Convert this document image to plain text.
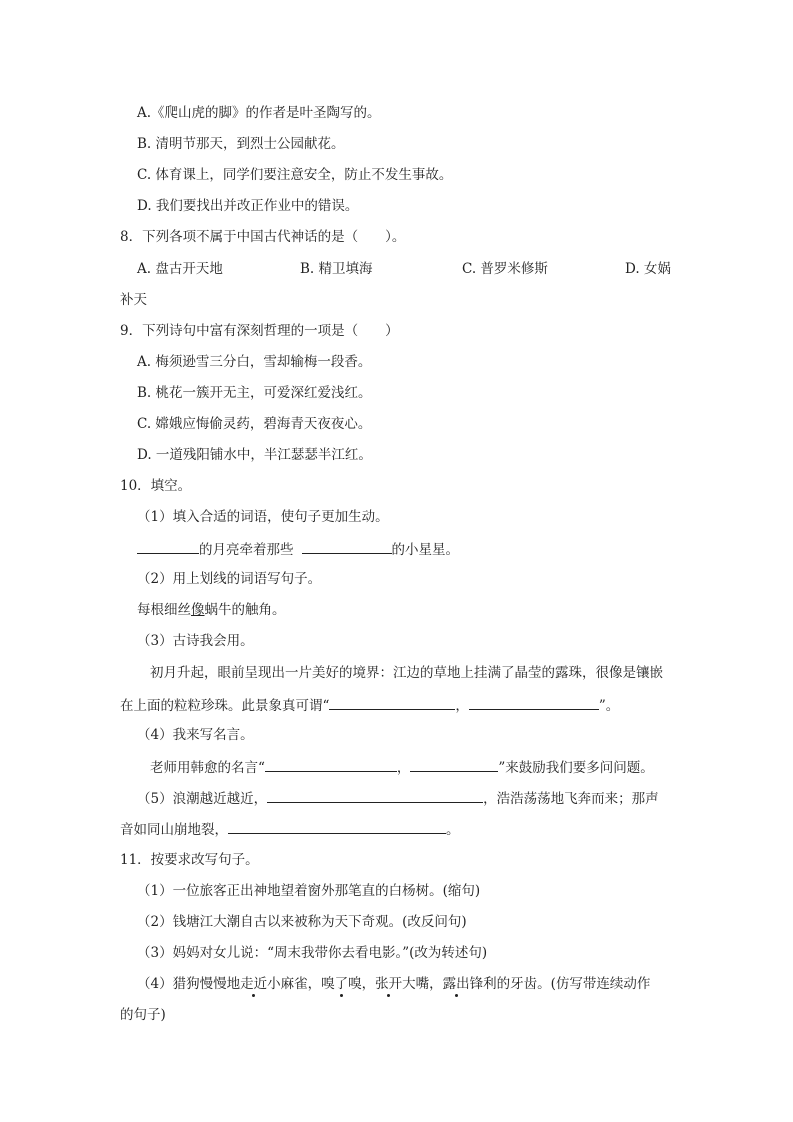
A.《爬山虎的脚》的作者是叶圣陶写的。
B. 清明节那天，到烈士公园献花。
C. 体育课上，同学们要注意安全，防止不发生事故。
D. 我们要找出并改正作业中的错误。
8．下列各项不属于中国古代神话的是（　　）。
A. 盘古开天地	B. 精卫填海	C. 普罗米修斯	D. 女娲
补天
9．下列诗句中富有深刻哲理的一项是（　　）
A. 梅须逊雪三分白，雪却输梅一段香。
B. 桃花一簇开无主，可爱深红爱浅红。
C. 嫦娥应悔偷灵药，碧海青天夜夜心。
D. 一道残阳铺水中，半江瑟瑟半江红。
10．填空。
（1）填入合适的词语，使句子更加生动。
的月亮牵着那些	的小星星。
（2）用上划线的词语写句子。
每根细丝像蜗牛的触角。
（3）古诗我会用。
初月升起，眼前呈现出一片美好的境界：江边的草地上挂满了晶莹的露珠，很像是镶嵌
在上面的粒粒珍珠。此景象真可谓“	，	”。
（4）我来写名言。
老师用韩愈的名言“	，	”来鼓励我们要多问问题。
（5）浪潮越近越近，	，浩浩荡荡地飞奔而来；那声
音如同山崩地裂，	。
11．按要求改写句子。
（1）一位旅客正出神地望着窗外那笔直的白杨树。(缩句)
（2）钱塘江大潮自古以来被称为天下奇观。(改反问句)
（3）妈妈对女儿说：“周末我带你去看电影。”(改为转述句)
（4）猎狗慢慢地走近小麻雀，嗅了嗅，张开大嘴，露出锋利的牙齿。(仿写带连续动作
的句子)
